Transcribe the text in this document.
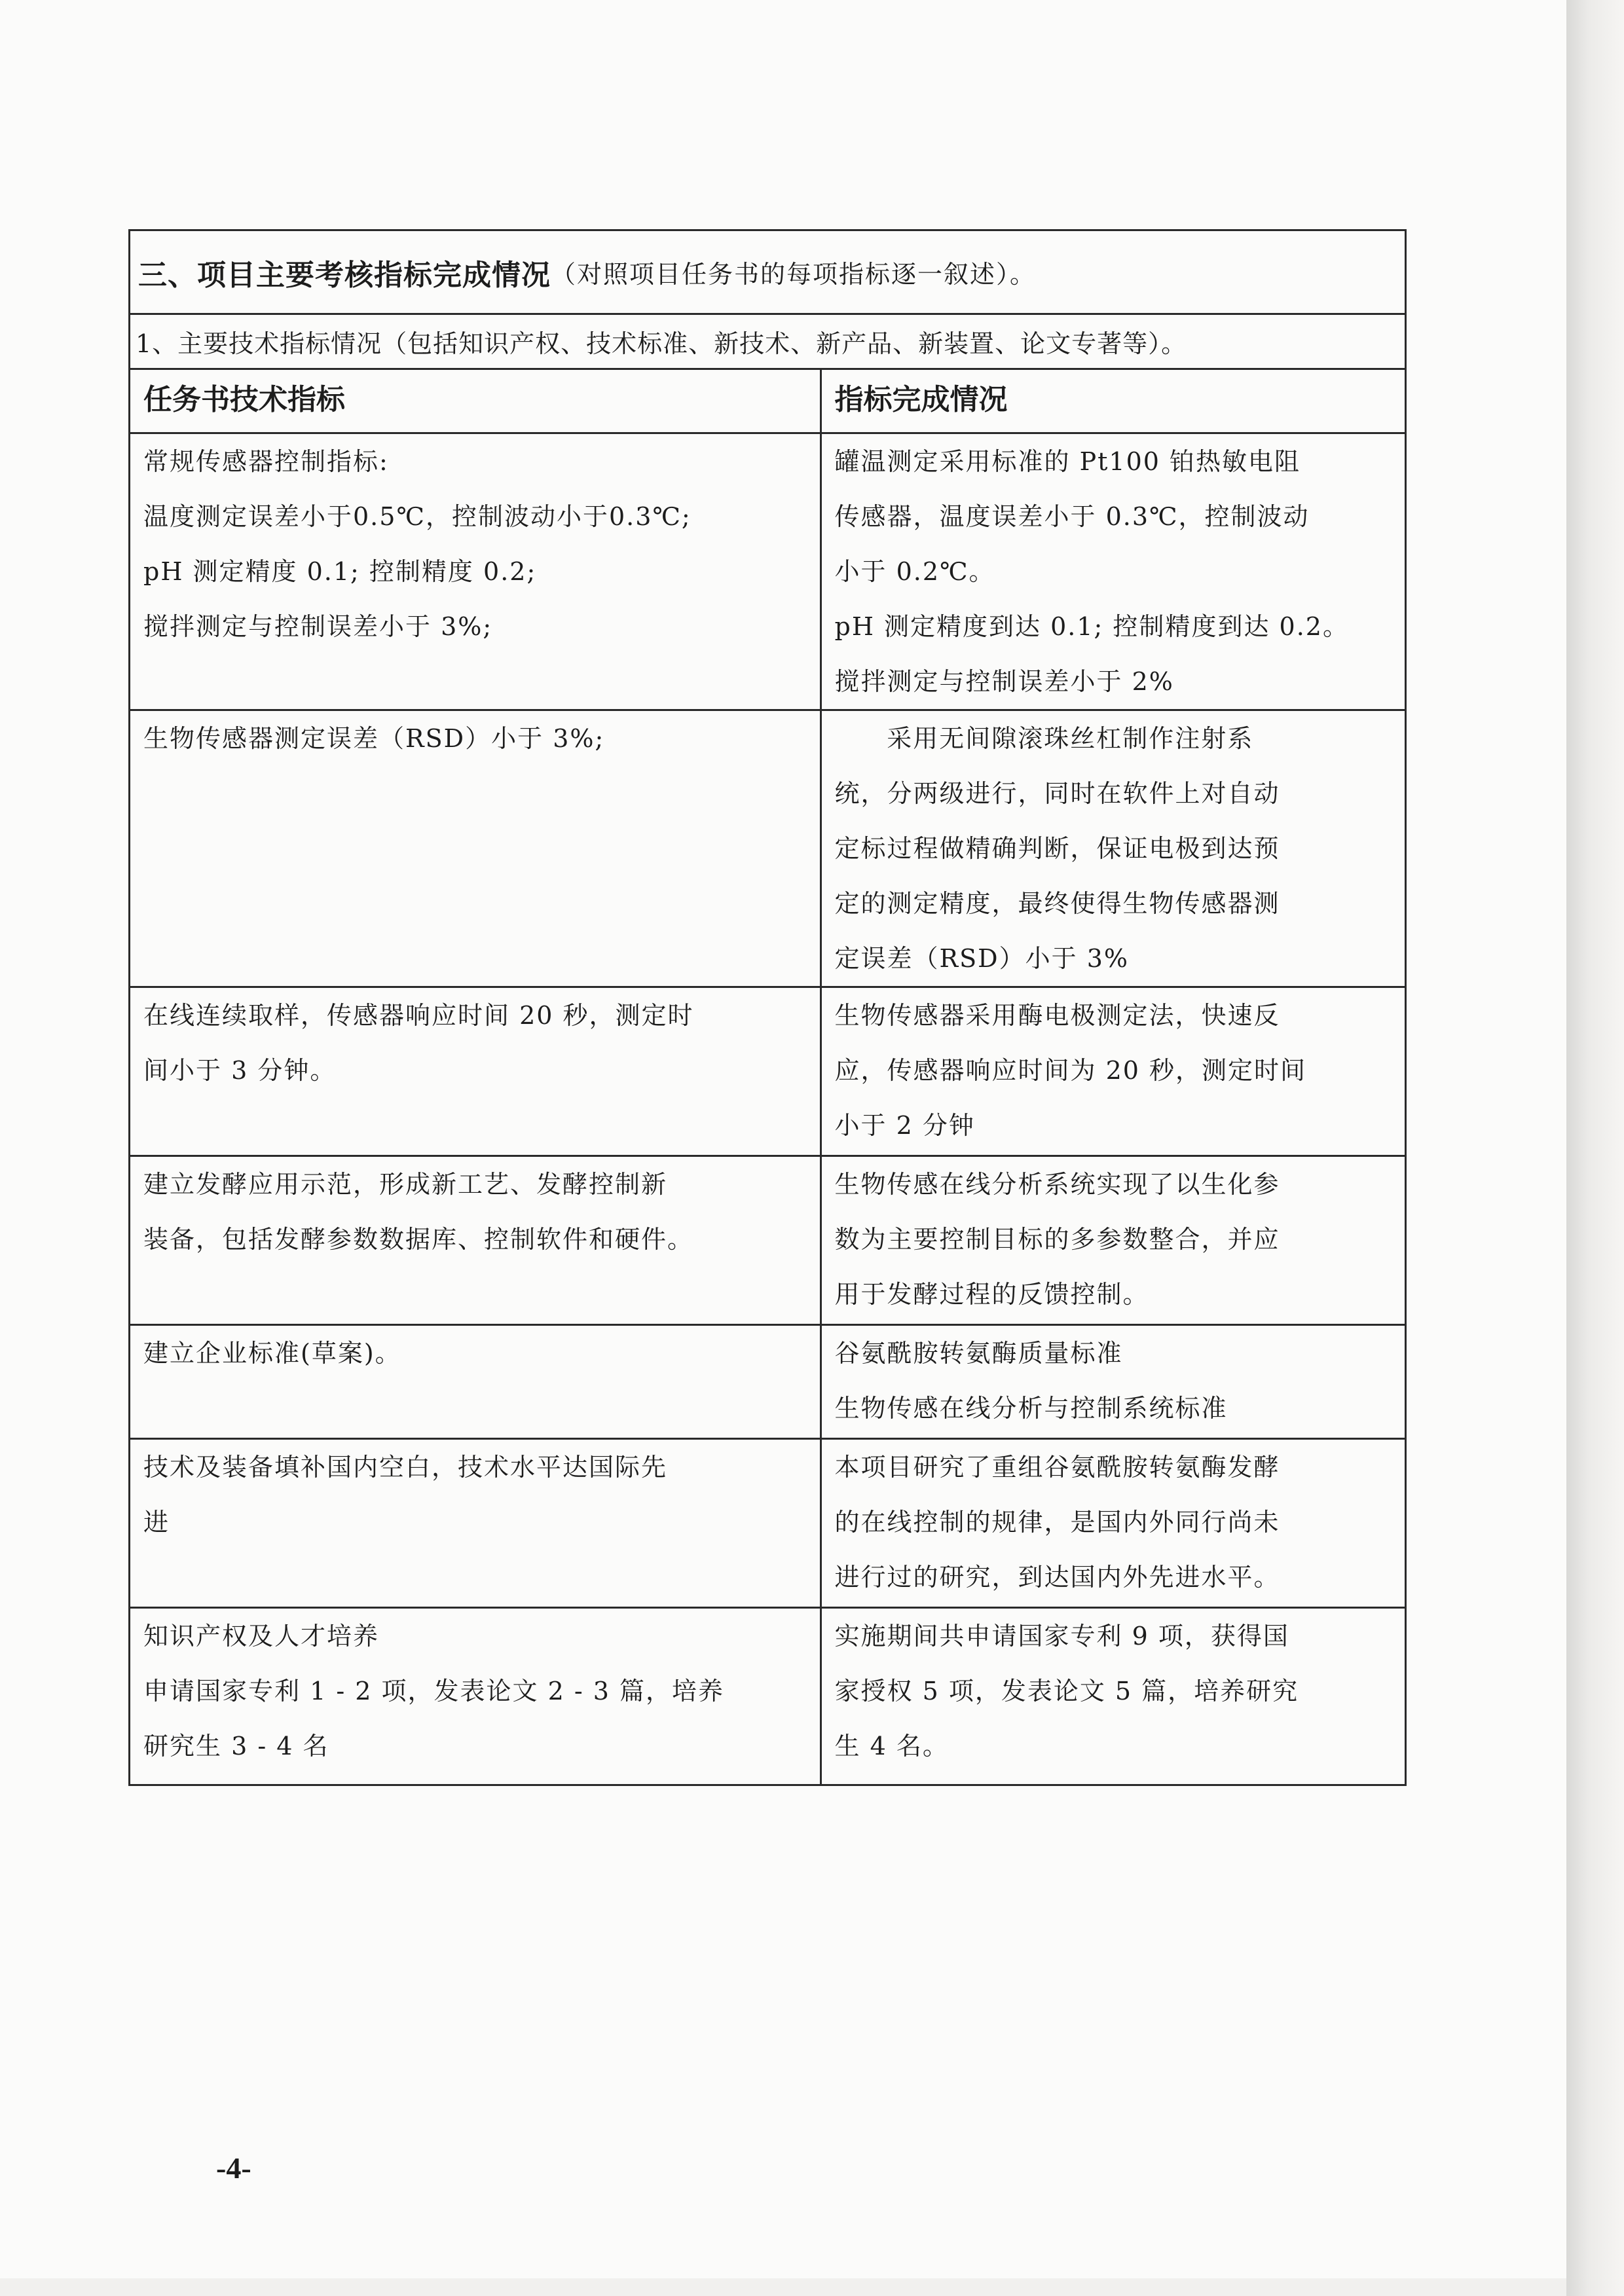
三、项目主要考核指标完成情况 （对照项目任务书的每项指标逐一叙述）。
1、主要技术指标情况（包括知识产权、技术标准、新技术、新产品、新装置、论文专著等）。
任务书技术指标	指标完成情况

常规传感器控制指标:
温度测定误差小于0.5℃，控制波动小于0.3℃;
pH 测定精度 0.1; 控制精度 0.2;
搅拌测定与控制误差小于 3%;	罐温测定采用标准的 Pt100 铂热敏电阻
传感器，温度误差小于 0.3℃，控制波动
小于 0.2℃。
pH 测定精度到达 0.1; 控制精度到达 0.2。
搅拌测定与控制误差小于 2%

生物传感器测定误差（RSD）小于 3%;	采用无间隙滚珠丝杠制作注射系
统，分两级进行，同时在软件上对自动
定标过程做精确判断，保证电极到达预
定的测定精度，最终使得生物传感器测
定误差（RSD）小于 3%

在线连续取样，传感器响应时间 20 秒，测定时
间小于 3 分钟。	生物传感器采用酶电极测定法，快速反
应，传感器响应时间为 20 秒，测定时间
小于 2 分钟

建立发酵应用示范，形成新工艺、发酵控制新
装备，包括发酵参数数据库、控制软件和硬件。	生物传感在线分析系统实现了以生化参
数为主要控制目标的多参数整合，并应
用于发酵过程的反馈控制。

建立企业标准(草案)。	谷氨酰胺转氨酶质量标准
生物传感在线分析与控制系统标准

技术及装备填补国内空白，技术水平达国际先
进	本项目研究了重组谷氨酰胺转氨酶发酵
的在线控制的规律，是国内外同行尚未
进行过的研究，到达国内外先进水平。

知识产权及人才培养
申请国家专利 1 - 2 项，发表论文 2 - 3 篇，培养
研究生 3 - 4 名	实施期间共申请国家专利 9 项，获得国
家授权 5 项，发表论文 5 篇，培养研究
生 4 名。
-4-
